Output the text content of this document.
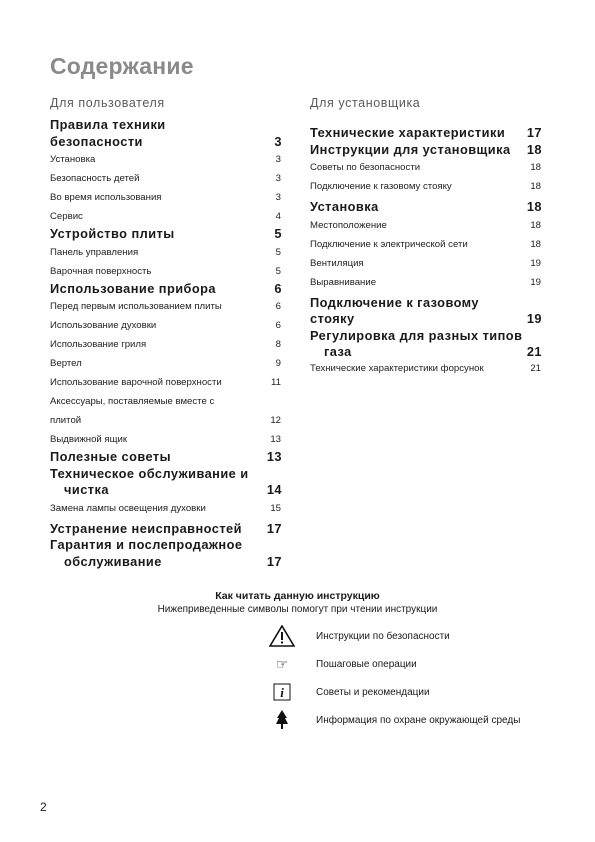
Содержание
Для пользователя
Правила техники
безопасности	3
Установка	3
Безопасность детей	3
Во время использования	3
Сервис	4
Устройство плиты	5
Панель управления	5
Варочная поверхность	5
Использование прибора	6
Перед первым использованием плиты	6
Использование духовки	6
Использование гриля	8
Вертел	9
Использование варочной поверхности	11
Аксессуары, поставляемые вместе с
плитой	12
Выдвижной ящик	13
Полезные советы	13
Техническое обслуживание и
чистка	14
Замена лампы освещения духовки	15
Устранение неисправностей	17
Гарантия и послепродажное
обслуживание	17
Для установщика
Технические характеристики	17
Инструкции для установщика	18
Советы по безопасности	18
Подключение к газовому стояку	18
Установка	18
Местоположение	18
Подключение к электрической сети	18
Вентиляция	19
Выравнивание	19
Подключение к газовому
стояку	19
Регулировка для разных типов
газа	21
Технические характеристики форсунок	21
Как читать данную инструкцию
Нижеприведенные символы помогут при чтении инструкции
Инструкции по безопасности
☞	Пошаговые операции
i	Советы и рекомендации
Информация по охране окружающей среды
2
